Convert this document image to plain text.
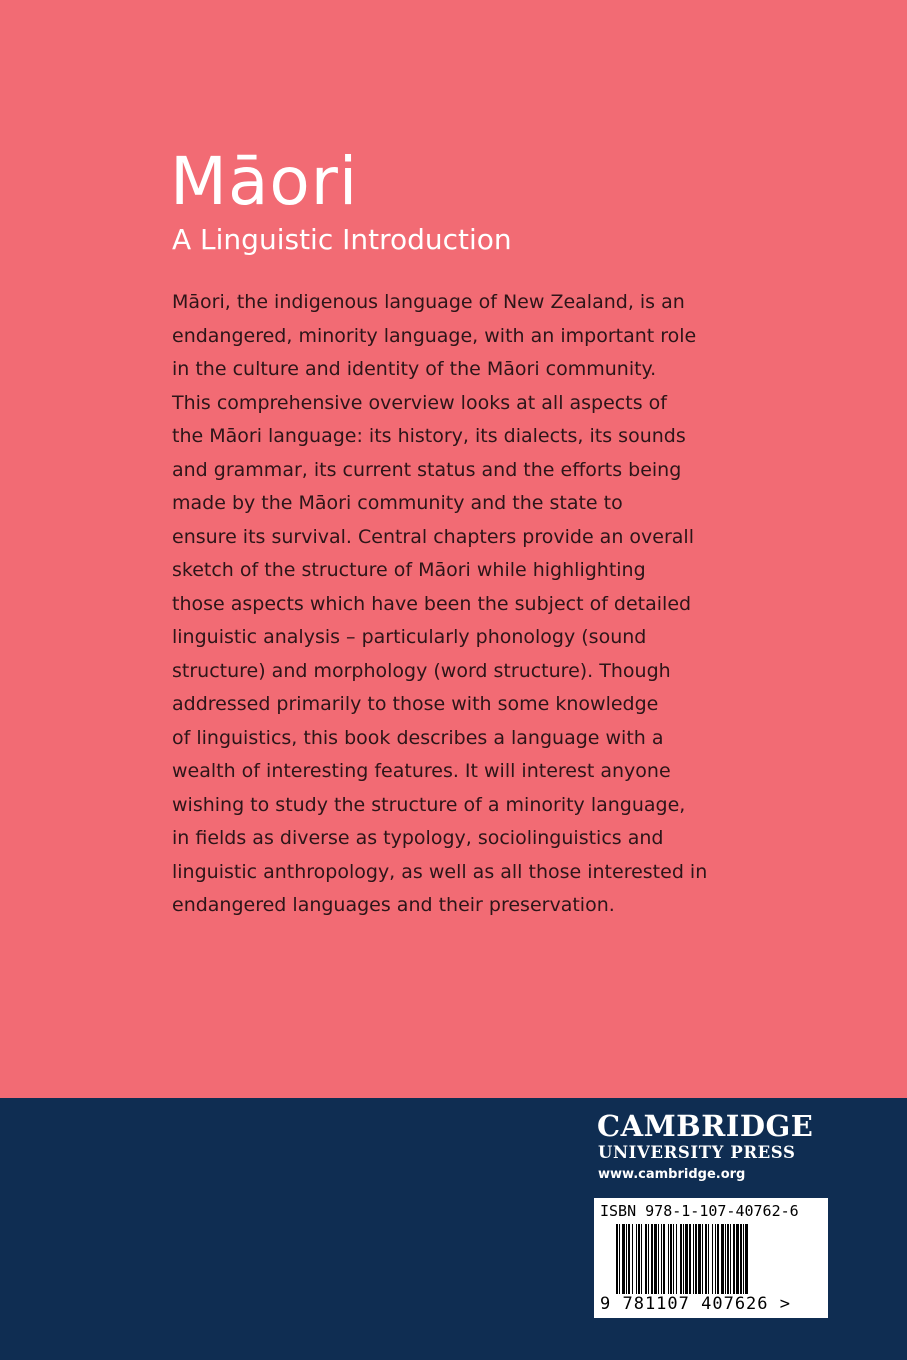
Māori
A Linguistic Introduction
Māori, the indigenous language of New Zealand, is an
endangered, minority language, with an important role
in the culture and identity of the Māori community.
This comprehensive overview looks at all aspects of
the Māori language: its history, its dialects, its sounds
and grammar, its current status and the efforts being
made by the Māori community and the state to
ensure its survival. Central chapters provide an overall
sketch of the structure of Māori while highlighting
those aspects which have been the subject of detailed
linguistic analysis – particularly phonology (sound
structure) and morphology (word structure). Though
addressed primarily to those with some knowledge
of linguistics, this book describes a language with a
wealth of interesting features. It will interest anyone
wishing to study the structure of a minority language,
in fields as diverse as typology, sociolinguistics and
linguistic anthropology, as well as all those interested in
endangered languages and their preservation.
CAMBRIDGE
UNIVERSITY PRESS
www.cambridge.org
ISBN 978-1-107-40762-6
9 781107 407626 >
